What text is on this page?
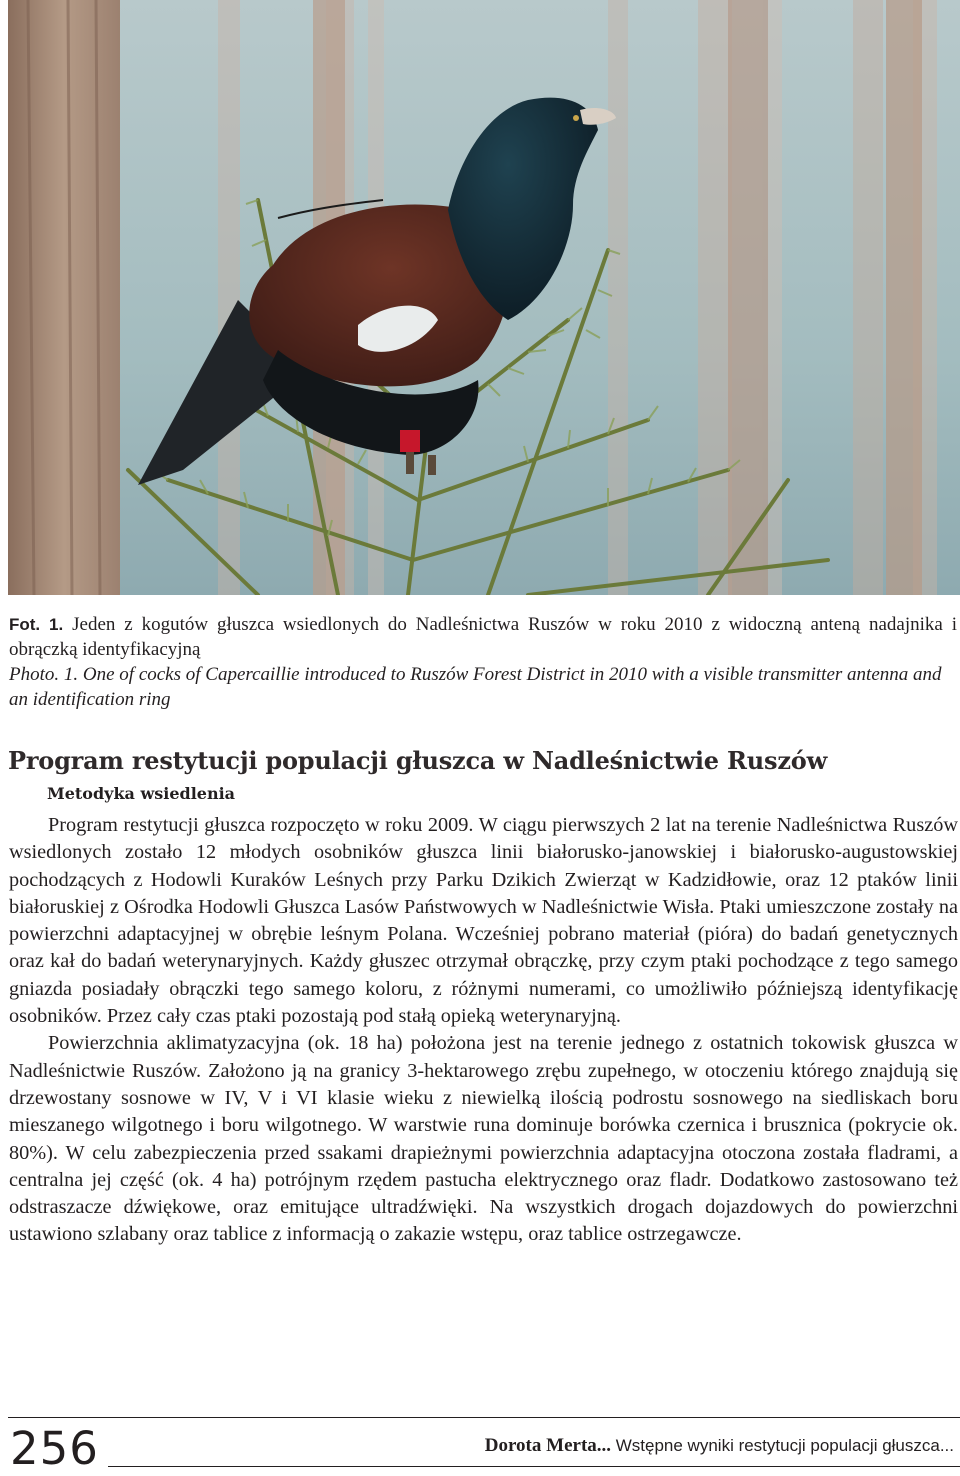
Fot. 1. Jeden z kogutów głuszca wsiedlonych do Nadleśnictwa Ruszów w roku 2010 z widoczną anteną nadajnika i obrączką identyfikacyjną

Photo. 1. One of cocks of Capercaillie introduced to Ruszów Forest District in 2010 with a visible transmitter antenna and an identification ring

Program restytucji populacji głuszca w Nadleśnictwie Ruszów
Metodyka wsiedlenia

Program restytucji głuszca rozpoczęto w roku 2009. W ciągu pierwszych 2 lat na terenie Nadleśnictwa Ruszów wsiedlonych zostało 12 młodych osobników głuszca linii białorusko-janowskiej i białorusko-augustowskiej pochodzących z Hodowli Kuraków Leśnych przy Parku Dzikich Zwierząt w Kadzidłowie, oraz 12 ptaków linii białoruskiej z Ośrodka Hodowli Głuszca Lasów Państwowych w Nadleśnictwie Wisła. Ptaki umieszczone zostały na powierzchni adaptacyjnej w obrębie leśnym Polana. Wcześniej pobrano materiał (pióra) do badań genetycznych oraz kał do badań weterynaryjnych. Każdy głuszec otrzymał obrączkę, przy czym ptaki pochodzące z tego samego gniazda posiadały obrączki tego samego koloru, z różnymi numerami, co umożliwiło późniejszą identyfikację osobników. Przez cały czas ptaki pozostają pod stałą opieką weterynaryjną.

Powierzchnia aklimatyzacyjna (ok. 18 ha) położona jest na terenie jednego z ostatnich tokowisk głuszca w Nadleśnictwie Ruszów. Założono ją na granicy 3-hektarowego zrębu zupełnego, w otoczeniu którego znajdują się drzewostany sosnowe w IV, V i VI klasie wieku z niewielką ilością podrostu sosnowego na siedliskach boru mieszanego wilgotnego i boru wilgotnego. W warstwie runa dominuje borówka czernica i brusznica (pokrycie ok. 80%). W celu zabezpieczenia przed ssakami drapieżnymi powierzchnia adaptacyjna otoczona została fladrami, a centralna jej część (ok. 4 ha) potrójnym rzędem pastucha elektrycznego oraz fladr. Dodatkowo zastosowano też odstraszacze dźwiękowe, oraz emitujące ultradźwięki. Na wszystkich drogach dojazdowych do powierzchni ustawiono szlabany oraz tablice z informacją o zakazie wstępu, oraz tablice ostrzegawcze.

256	Dorota Merta... Wstępne wyniki restytucji populacji głuszca...
